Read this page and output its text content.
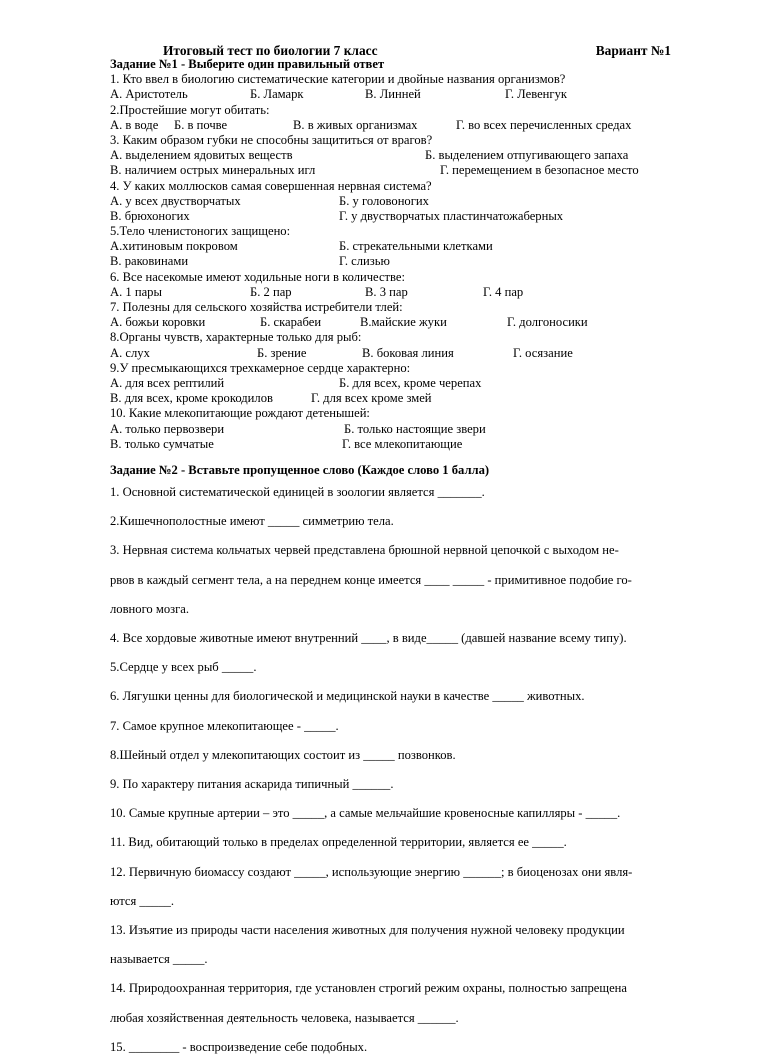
Итоговый тест по биологии 7 класс	Вариант №1
Задание №1 - Выберите один правильный ответ
1. Кто ввел в биологию систематические категории и двойные названия организмов?
А. Аристотель	Б. Ламарк	В. Линней	Г. Левенгук
2.Простейшие могут обитать:
А. в воде Б. в почве	В. в живых организмах	Г. во всех перечисленных средах
3. Каким образом губки не способны защититься от врагов?
А. выделением ядовитых веществ	Б. выделением отпугивающего запаха
В. наличием острых минеральных игл	Г. перемещением в безопасное место
4. У каких моллюсков самая совершенная нервная система?
А. у всех двустворчатых	Б. у головоногих
В. брюхоногих	Г. у двустворчатых пластинчатожаберных
5.Тело членистоногих защищено:
А.хитиновым покровом	Б. стрекательными клетками
В. раковинами	Г. слизью
6. Все насекомые имеют ходильные ноги в количестве:
А. 1 пары	Б. 2 пар	В. 3 пар	Г. 4 пар
7. Полезны для сельского хозяйства истребители тлей:
А. божьи коровки	Б. скарабеи	В.майские жуки	Г. долгоносики
8.Органы чувств, характерные только для рыб:
А. слух	Б. зрение	В. боковая линия	Г. осязание
9.У пресмыкающихся трехкамерное сердце характерно:
А. для всех рептилий	Б. для всех, кроме черепах
В. для всех, кроме крокодилов	Г. для всех кроме змей
10. Какие млекопитающие рождают детенышей:
А. только первозвери	Б. только настоящие звери
В. только сумчатые	Г. все млекопитающие
Задание №2 - Вставьте пропущенное слово (Каждое слово 1 балла)
1. Основной систематической единицей в зоологии является _______.
2.Кишечнополостные имеют _____ симметрию тела.
3. Нервная система кольчатых червей представлена брюшной нервной цепочкой с выходом не-
рвов в каждый сегмент тела, а на переднем конце имеется ____ _____ - примитивное подобие го-
ловного мозга.
4. Все хордовые животные имеют внутренний ____, в виде_____ (давшей название всему типу).
5.Сердце у всех рыб _____.
6. Лягушки ценны для биологической и медицинской науки в качестве _____ животных.
7. Самое крупное млекопитающее - _____.
8.Шейный отдел у млекопитающих состоит из _____ позвонков.
9. По характеру питания аскарида типичный ______.
10. Самые крупные артерии – это _____, а самые мельчайшие кровеносные капилляры - _____.
11. Вид, обитающий только в пределах определенной территории, является ее _____.
12. Первичную биомассу создают _____, использующие энергию ______; в биоценозах они явля-
ются _____.
13. Изъятие из природы части населения животных для получения нужной человеку продукции
называется _____.
14. Природоохранная территория, где установлен строгий режим охраны, полностью запрещена
любая хозяйственная деятельность человека, называется ______.
15. ________ - воспроизведение себе подобных.
